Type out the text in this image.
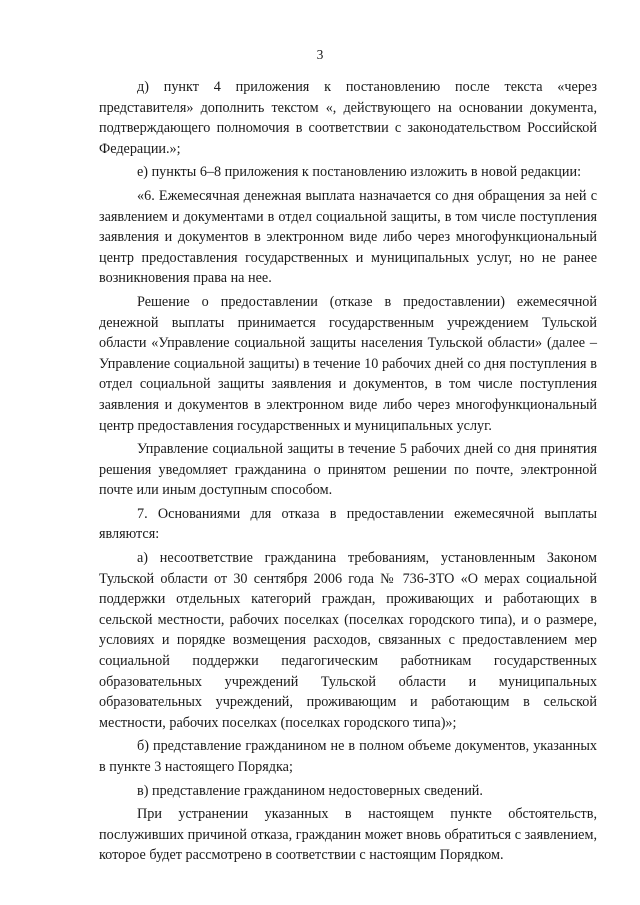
3

д) пункт 4 приложения к постановлению после текста «через представителя» дополнить текстом «, действующего на основании документа, подтверждающего полномочия в соответствии с законодательством Российской Федерации.»;

е) пункты 6–8 приложения к постановлению изложить в новой редакции:

«6. Ежемесячная денежная выплата назначается со дня обращения за ней с заявлением и документами в отдел социальной защиты, в том числе поступления заявления и документов в электронном виде либо через многофункциональный центр предоставления государственных и муниципальных услуг, но не ранее возникновения права на нее.

Решение о предоставлении (отказе в предоставлении) ежемесячной денежной выплаты принимается государственным учреждением Тульской области «Управление социальной защиты населения Тульской области» (далее – Управление социальной защиты) в течение 10 рабочих дней со дня поступления в отдел социальной защиты заявления и документов, в том числе поступления заявления и документов в электронном виде либо через многофункциональный центр предоставления государственных и муниципальных услуг.

Управление социальной защиты в течение 5 рабочих дней со дня принятия решения уведомляет гражданина о принятом решении по почте, электронной почте или иным доступным способом.

7. Основаниями для отказа в предоставлении ежемесячной выплаты являются:

а) несоответствие гражданина требованиям, установленным Законом Тульской области от 30 сентября 2006 года № 736-ЗТО «О мерах социальной поддержки отдельных категорий граждан, проживающих и работающих в сельской местности, рабочих поселках (поселках городского типа), и о размере, условиях и порядке возмещения расходов, связанных с предоставлением мер социальной поддержки педагогическим работникам государственных образовательных учреждений Тульской области и муниципальных образовательных учреждений, проживающим и работающим в сельской местности, рабочих поселках (поселках городского типа)»;

б) представление гражданином не в полном объеме документов, указанных в пункте 3 настоящего Порядка;

в) представление гражданином недостоверных сведений.

При устранении указанных в настоящем пункте обстоятельств, послуживших причиной отказа, гражданин может вновь обратиться с заявлением, которое будет рассмотрено в соответствии с настоящим Порядком.
